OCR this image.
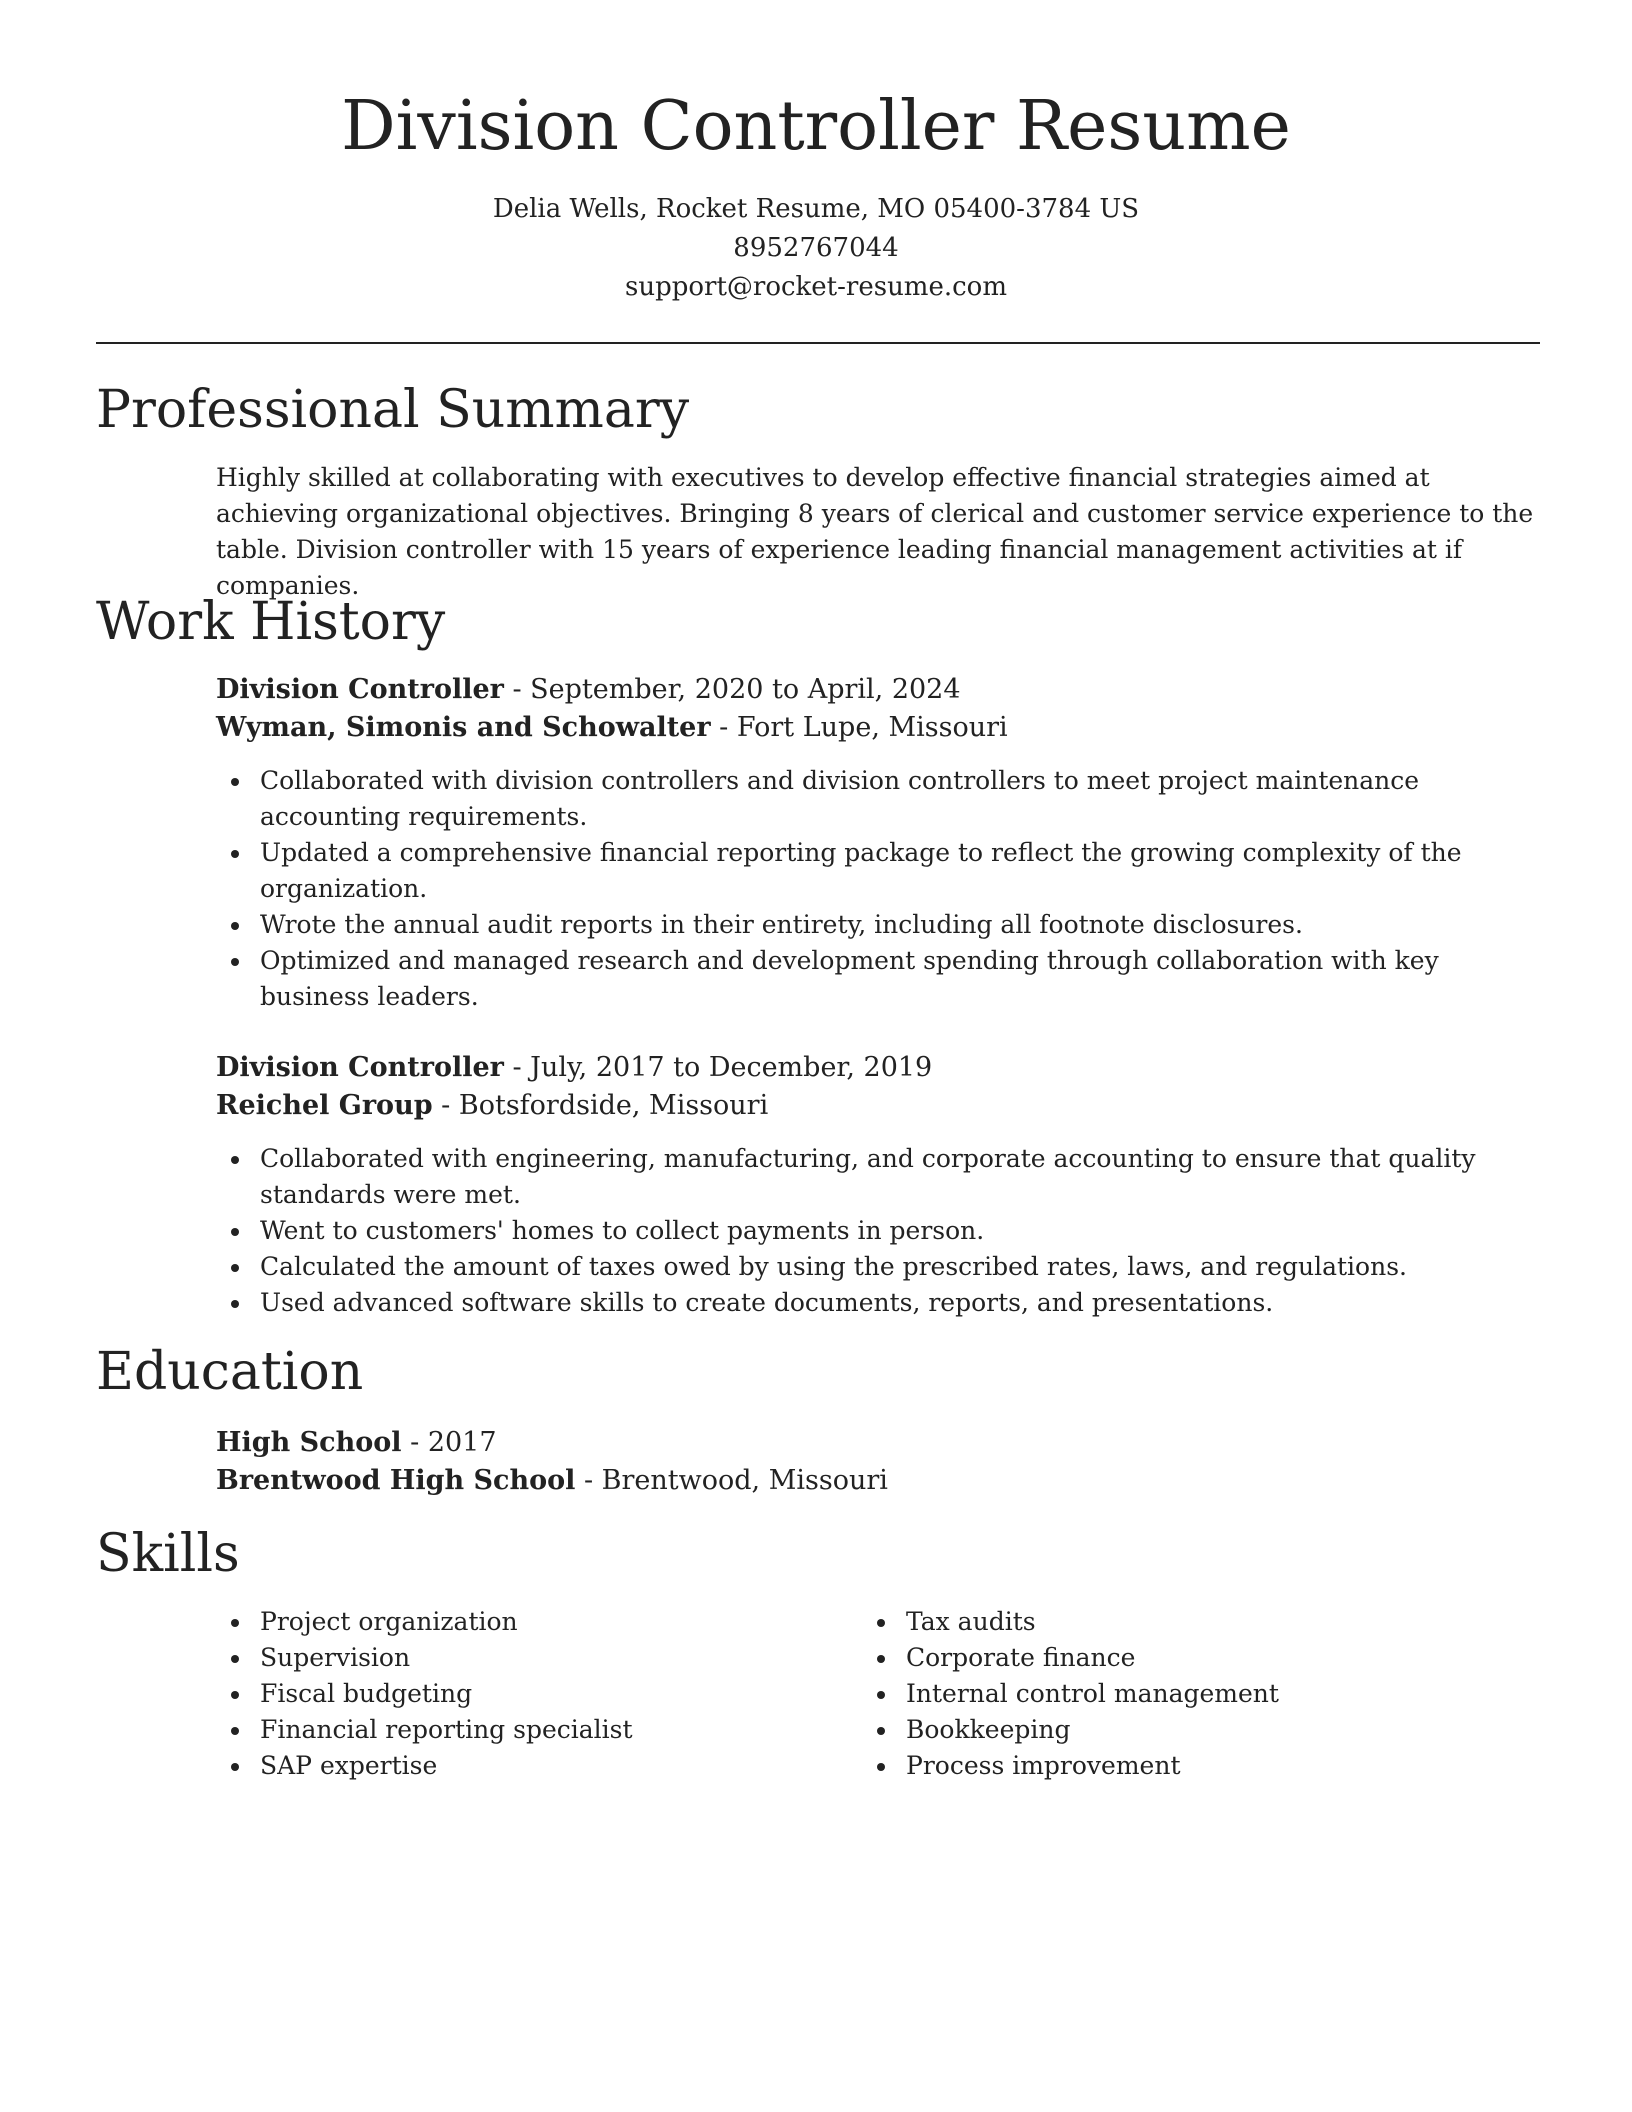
Division Controller Resume
Delia Wells, Rocket Resume, MO 05400-3784 US
8952767044
support@rocket-resume.com
Professional Summary

Highly skilled at collaborating with executives to develop effective financial strategies aimed at achieving organizational objectives. Bringing 8 years of clerical and customer service experience to the table. Division controller with 15 years of experience leading financial management activities at if companies.

Work History
Division Controller - September, 2020 to April, 2024
Wyman, Simonis and Schowalter - Fort Lupe, Missouri
Collaborated with division controllers and division controllers to meet project maintenance accounting requirements.
Updated a comprehensive financial reporting package to reflect the growing complexity of the organization.
Wrote the annual audit reports in their entirety, including all footnote disclosures.
Optimized and managed research and development spending through collaboration with key business leaders.
Division Controller - July, 2017 to December, 2019
Reichel Group - Botsfordside, Missouri
Collaborated with engineering, manufacturing, and corporate accounting to ensure that quality standards were met.
Went to customers' homes to collect payments in person.
Calculated the amount of taxes owed by using the prescribed rates, laws, and regulations.
Used advanced software skills to create documents, reports, and presentations.
Education
High School - 2017
Brentwood High School - Brentwood, Missouri
Skills
Project organization
Supervision
Fiscal budgeting
Financial reporting specialist
SAP expertise
Tax audits
Corporate finance
Internal control management
Bookkeeping
Process improvement
